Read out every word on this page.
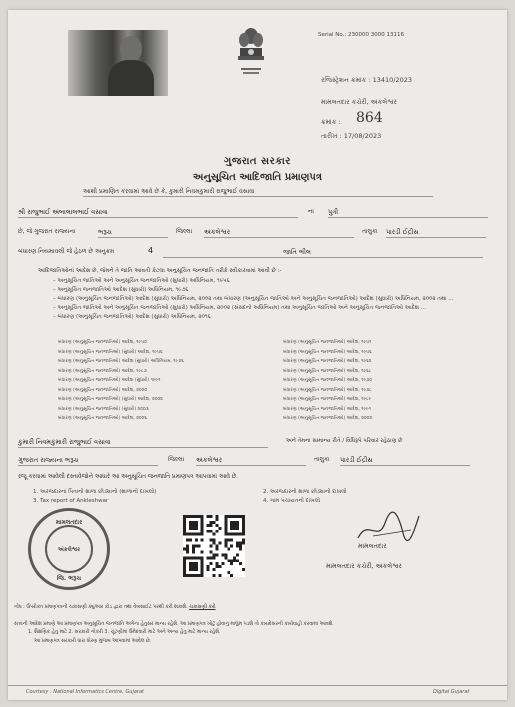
Serial No.: 230000 3000 13116
રજિસ્ટ્રેશન ક્રમાંક : 13410/2023
મામલતદાર કચેરી, અંકલેશ્વર
ક્રમાંક : 864
તારીખ : 17/08/2023
ગુજરાત સરકાર
અનુસૂચિત આદિજાતિ પ્રમાણપત્ર
આથી પ્રમાણિત કરવામાં આવે છે કે, કુમારી નિવમકુમારી રાજુભાઈ વસાવા
શ્રી રાજુભાઈ અંબાલાલભાઈ વસાવા	ના પુત્રી
છે, જે ગુજરાત રાજ્યના	ભરૂચ	જિલ્લા અંકલેશ્વર	તાલુકા પારડી ઈદ્રીસ
બંધારણ નિયમાવલી જે હેઠળ છે અનુક્રમ	4	જાતિ ભીલ
આદિજાતિઓનાં આદેશ છે, જેમને તે જાતિ આવતી કેટલા અનુસૂચિત જનજાતિ તરીકે સ્વીકારવામાં આવી છે :-
– અનુસૂચિત જાતિઓ અને અનુસૂચિત જનજાતિઓ (સુધારો) અધિનિયમ, ૧૯૫૬
– અનુસૂચિત જનજાતિઓ આદેશ (સુધારો) અધિનિયમ, ૧૯૭૬
– બંધારણ (અનુસૂચિત જનજાતિઓ) આદેશ (સુધારો) અધિનિયમ, ૨૦૦૨ તથા બંધારણ (અનુસૂચિત જાતિઓ અને અનુસૂચિત જનજાતિઓ) આદેશ (સુધારો) અધિનિયમ, ૨૦૦૨ તથા ...
– અનુસૂચિત જાતિઓ અને અનુસૂચિત જનજાતિઓ (સુધારો) અધિનિયમ, ૨૦૦૨ (સંસદનો અધિનિયમ) તથા અનુસૂચિત જાતિઓ અને અનુસૂચિત જનજાતિઓ આદેશ ...
– બંધારણ (અનુસૂચિત જનજાતિઓ) આદેશ (સુધારો) અધિનિયમ, ૨૦૧૬
બંધારણ (અનુસૂચિત જનજાતિઓ) આદેશ, ૧૯૫૦
બંધારણ (અનુસૂચિત જનજાતિઓ) (સુધારો) આદેશ, ૧૯૫૬
બંધારણ (અનુસૂચિત જનજાતિઓ) આદેશ (સુધારો) અધિનિયમ, ૧૯૭૬
બંધારણ (અનુસૂચિત જનજાતિઓ) આદેશ, ૧૯૮૭
બંધારણ (અનુસૂચિત જનજાતિઓ) આદેશ (સુધારો) ૧૯૯૧
બંધારણ (અનુસૂચિત જનજાતિઓ) આદેશ, ૨૦૦૦
બંધારણ (અનુસૂચિત જનજાતિઓ) (સુધારો) આદેશ, ૨૦૦૨
બંધારણ (અનુસૂચિત જનજાતિઓ) (સુધારો) ૨૦૦૩
બંધારણ (અનુસૂચિત જનજાતિઓ) આદેશ, ૨૦૦૬
બંધારણ (અનુસૂચિત જનજાતિઓ) આદેશ, ૧૯૫૧
બંધારણ (અનુસૂચિત જનજાતિઓ) આદેશ, ૧૯૫૬
બંધારણ (અનુસૂચિત જનજાતિઓ) આદેશ, ૧૯૬૨
બંધારણ (અનુસૂચિત જનજાતિઓ) આદેશ, ૧૯૬૮
બંધારણ (અનુસૂચિત જનજાતિઓ) આદેશ, ૧૯૭૦
બંધારણ (અનુસૂચિત જનજાતિઓ) આદેશ, ૧૯૭૮
બંધારણ (અનુસૂચિત જનજાતિઓ) આદેશ, ૧૯૮૯
બંધારણ (અનુસૂચિત જનજાતિઓ) આદેશ, ૧૯૯૧
બંધારણ (અનુસૂચિત જનજાતિઓ) આદેશ, ૨૦૦૨
કુમારી નિવમકુમારી રાજુભાઈ વસાવા	અને તેમના સામાન્ય રીતે / વિધિરૂપે પરિવાર રહેઠાણ છે
ગુજરાત રાજ્યના ભરૂચ	જિલ્લા અંકલેશ્વર	તાલુકા પારડી ઈદ્રીસ
રજૂ કરવામાં આવેલી દસ્તાવેજોને આધારે આ અનુસૂચિત જનજાતિ પ્રમાણપત્ર આપવામાં આવે છે.
1. અરજદારના પિતાનો શાળા છોડ્યાનો (શાળાનો દાખલો)
3. Tax report of Ankleshwar
2. અરજદારનો શાળા છોડ્યાનો દાખલો
4. ગામ પંચાયતનો દાખલો
મામલતદાર
અંકલેશ્વર
જિ. ભરૂચ
મામલતદાર
મામલતદાર કચેરી, અંકલેશ્વર
નોંધ : ઉપરોક્ત પ્રમાણપત્રની ચકાસણી ક્યુઆર કોડ દ્વારા તથા વેબસાઈટ પરથી કરી શકાશે. ચકાસણી કરો
સત્તાની આદેશ પ્રમાણે આ પ્રમાણપત્ર અનુસૂચિત જનજાતિ અંગેના હેતુસર માન્ય રહેશે. આ પ્રમાણપત્ર ખોટું હોવાનું માલુમ પડશે તો કાયદેસરની કાર્યવાહી કરવામાં આવશે.
1. શૈક્ષણિક હેતુ માટે 2. સરકારી નોકરી 3. ચૂંટણીમાં ઉમેદવારી માટે અને અન્ય હેતુ માટે માન્ય રહેશે.
આ પ્રમાણપત્ર સરકારી ધારા ધોરણ મુજબ આપવામાં આવેલ છે.
Courtesy : National Informatics Centre, Gujarat	Digital Gujarat
